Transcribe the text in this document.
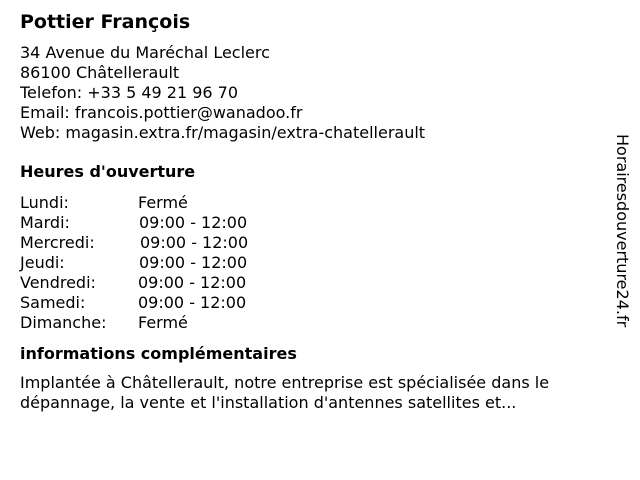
Pottier François
34 Avenue du Maréchal Leclerc
86100 Châtellerault
Telefon: +33 5 49 21 96 70
Email: francois.pottier@wanadoo.fr
Web: magasin.extra.fr/magasin/extra-chatellerault
Heures d'ouverture
Lundi:	Fermé
Mardi:	09:00 - 12:00
Mercredi:	09:00 - 12:00
Jeudi:	09:00 - 12:00
Vendredi:	09:00 - 12:00
Samedi:	09:00 - 12:00
Dimanche: Fermé
informations complémentaires

Implantée à Châtellerault, notre entreprise est spécialisée dans le dépannage, la vente et l'installation d'antennes satellites et...

Horairesdouverture24.fr
